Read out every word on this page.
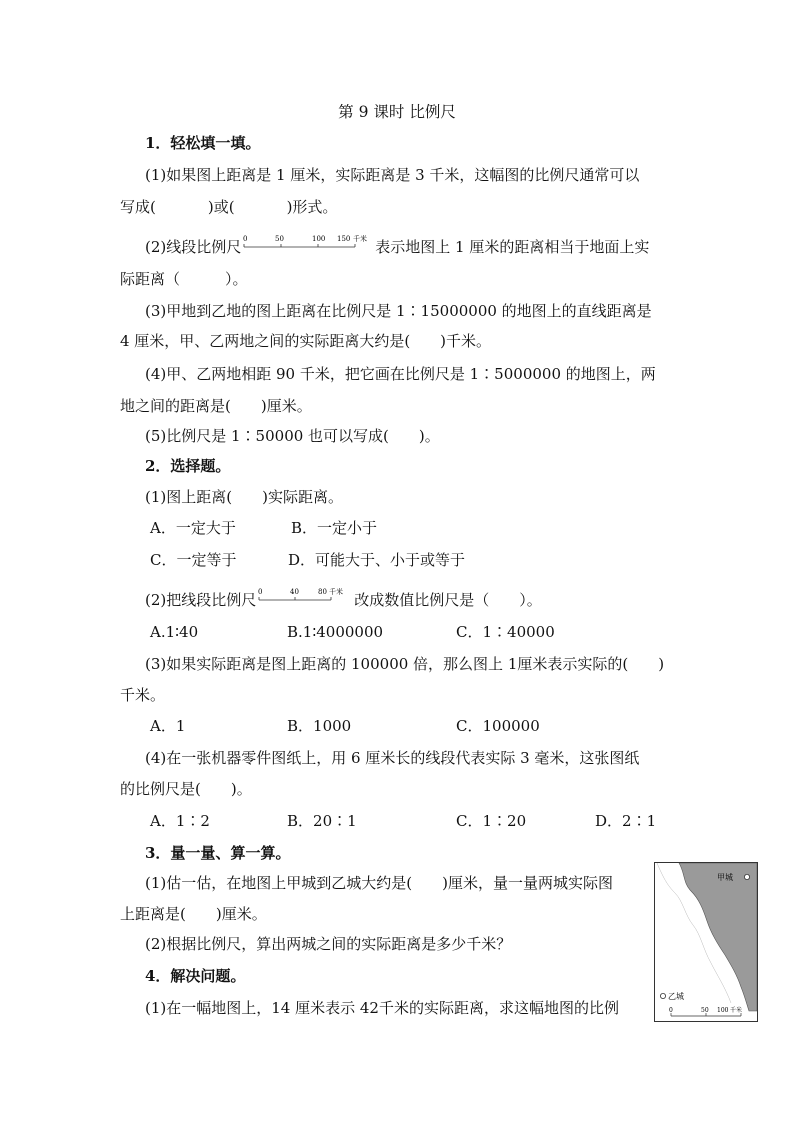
第 9 课时 比例尺
1．轻松填一填。
(1)如果图上距离是 1 厘米，实际距离是 3 千米，这幅图的比例尺通常可以
写成(	)或(	)形式。
(2)线段比例尺 0	50	100 150 千米 表示地图上 1 厘米的距离相当于地面上实
际距离（　　　）。
(3)甲地到乙地的图上距离在比例尺是 1∶15000000 的地图上的直线距离是
4 厘米，甲、乙两地之间的实际距离大约是(　　)千米。
(4)甲、乙两地相距 90 千米，把它画在比例尺是 1∶5000000 的地图上，两
地之间的距离是(　　)厘米。
(5)比例尺是 1∶50000 也可以写成(　　)。
2．选择题。
(1)图上距离(　　)实际距离。
A．一定大于	B．一定小于
C．一定等于	D．可能大于、小于或等于
(2)把线段比例尺 0	40	80 千米 改成数值比例尺是（　　）。
A.1∶40	B.1∶4000000	C．1∶40000
(3)如果实际距离是图上距离的 100000 倍，那么图上 1厘米表示实际的(　　)
千米。
A．1	B．1000	C．100000
(4)在一张机器零件图纸上，用 6 厘米长的线段代表实际 3 毫米，这张图纸
的比例尺是(　　)。
A．1∶2	B．20∶1	C．1∶20	D．2∶1
3．量一量、算一算。
(1)估一估，在地图上甲城到乙城大约是(　　)厘米，量一量两城实际图
上距离是(　　)厘米。
(2)根据比例尺，算出两城之间的实际距离是多少千米？
4．解决问题。
(1)在一幅地图上，14 厘米表示 42千米的实际距离，求这幅地图的比例
甲城
乙城
0	50 100 千米
